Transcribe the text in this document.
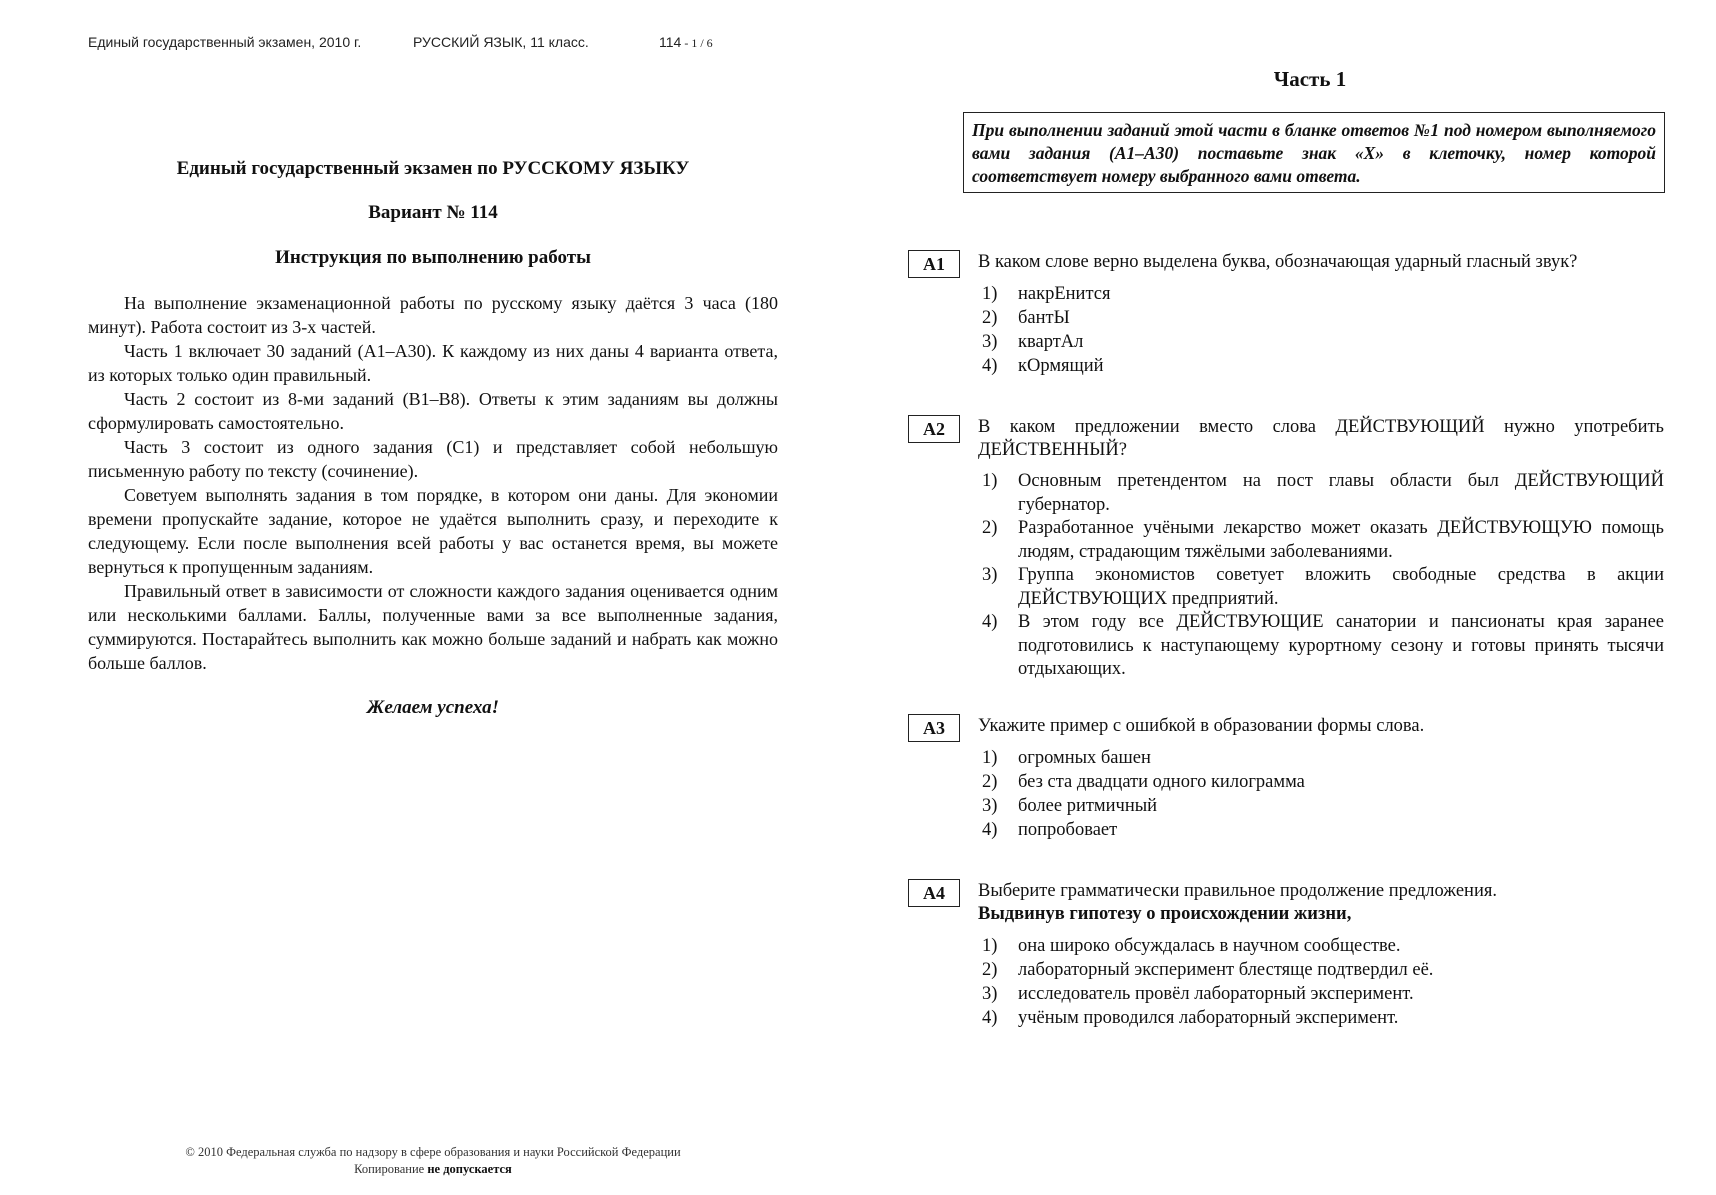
Единый государственный экзамен, 2010 г.	РУССКИЙ ЯЗЫК, 11 класс.	114 - 1 / 6
Единый государственный экзамен по РУССКОМУ ЯЗЫКУ
Вариант № 114
Инструкция по выполнению работы

На выполнение экзаменационной работы по русскому языку даётся 3 часа (180 минут). Работа состоит из 3-х частей.

Часть 1 включает 30 заданий (А1–А30). К каждому из них даны 4 варианта ответа, из которых только один правильный.

Часть 2 состоит из 8-ми заданий (В1–В8). Ответы к этим заданиям вы должны сформулировать самостоятельно.

Часть 3 состоит из одного задания (С1) и представляет собой небольшую письменную работу по тексту (сочинение).

Советуем выполнять задания в том порядке, в котором они даны. Для экономии времени пропускайте задание, которое не удаётся выполнить сразу, и переходите к следующему. Если после выполнения всей работы у вас останется время, вы можете вернуться к пропущенным заданиям.

Правильный ответ в зависимости от сложности каждого задания оценивается одним или несколькими баллами. Баллы, полученные вами за все выполненные задания, суммируются. Постарайтесь выполнить как можно больше заданий и набрать как можно больше баллов.

Желаем успеха!
© 2010 Федеральная служба по надзору в сфере образования и науки Российской Федерации
Копирование не допускается
Часть 1
При выполнении заданий этой части в бланке ответов №1 под номером выполняемого вами задания (А1–А30) поставьте знак «Х» в клеточку, номер которой соответствует номеру выбранного вами ответа.
А1	В каком слове верно выделена буква, обозначающая ударный гласный звук?
1) накрЕнится
2) бантЫ
3) квартАл
4) кОрмящий
А2	В каком предложении вместо слова ДЕЙСТВУЮЩИЙ нужно употребить ДЕЙСТВЕННЫЙ?
1) Основным претендентом на пост главы области был ДЕЙСТВУЮЩИЙ губернатор.
2) Разработанное учёными лекарство может оказать ДЕЙСТВУЮЩУЮ помощь людям, страдающим тяжёлыми заболеваниями.
3) Группа экономистов советует вложить свободные средства в акции ДЕЙСТВУЮЩИХ предприятий.
4) В этом году все ДЕЙСТВУЮЩИЕ санатории и пансионаты края заранее подготовились к наступающему курортному сезону и готовы принять тысячи отдыхающих.
А3	Укажите пример с ошибкой в образовании формы слова.
1) огромных башен
2) без ста двадцати одного килограмма
3) более ритмичный
4) попробовает
А4	Выберите грамматически правильное продолжение предложения.
Выдвинув гипотезу о происхождении жизни,
1) она широко обсуждалась в научном сообществе.
2) лабораторный эксперимент блестяще подтвердил её.
3) исследователь провёл лабораторный эксперимент.
4) учёным проводился лабораторный эксперимент.
